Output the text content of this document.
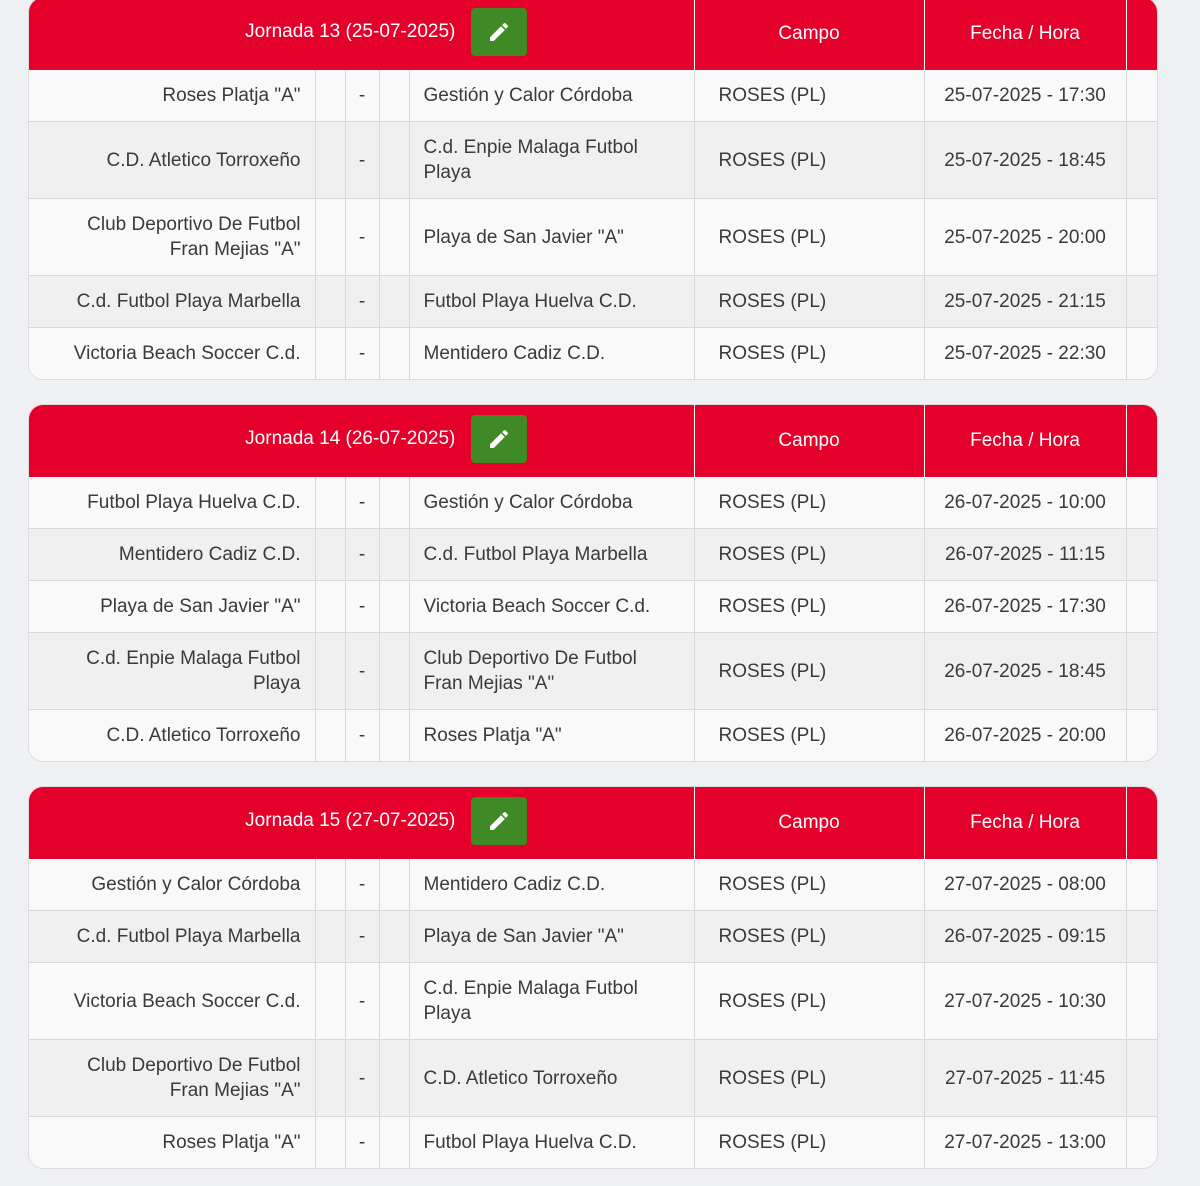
Jornada 13 (25-07-2025)					Campo	Fecha / Hora	
Roses Platja "A"		-		Gestión y Calor Córdoba	ROSES (PL)	25-07-2025 - 17:30	
C.D. Atletico Torroxeño		-		C.d. Enpie Malaga Futbol Playa	ROSES (PL)	25-07-2025 - 18:45	
Club Deportivo De Futbol Fran Mejias "A"		-		Playa de San Javier "A"	ROSES (PL)	25-07-2025 - 20:00	
C.d. Futbol Playa Marbella		-		Futbol Playa Huelva C.D.	ROSES (PL)	25-07-2025 - 21:15	
Victoria Beach Soccer C.d.		-		Mentidero Cadiz C.D.	ROSES (PL)	25-07-2025 - 22:30	
Jornada 14 (26-07-2025)					Campo	Fecha / Hora	
Futbol Playa Huelva C.D.		-		Gestión y Calor Córdoba	ROSES (PL)	26-07-2025 - 10:00	
Mentidero Cadiz C.D.		-		C.d. Futbol Playa Marbella	ROSES (PL)	26-07-2025 - 11:15	
Playa de San Javier "A"		-		Victoria Beach Soccer C.d.	ROSES (PL)	26-07-2025 - 17:30	
C.d. Enpie Malaga Futbol Playa		-		Club Deportivo De Futbol Fran Mejias "A"	ROSES (PL)	26-07-2025 - 18:45	
C.D. Atletico Torroxeño		-		Roses Platja "A"	ROSES (PL)	26-07-2025 - 20:00	
Jornada 15 (27-07-2025)					Campo	Fecha / Hora	
Gestión y Calor Córdoba		-		Mentidero Cadiz C.D.	ROSES (PL)	27-07-2025 - 08:00	
C.d. Futbol Playa Marbella		-		Playa de San Javier "A"	ROSES (PL)	26-07-2025 - 09:15	
Victoria Beach Soccer C.d.		-		C.d. Enpie Malaga Futbol Playa	ROSES (PL)	27-07-2025 - 10:30	
Club Deportivo De Futbol Fran Mejias "A"		-		C.D. Atletico Torroxeño	ROSES (PL)	27-07-2025 - 11:45	
Roses Platja "A"		-		Futbol Playa Huelva C.D.	ROSES (PL)	27-07-2025 - 13:00	
